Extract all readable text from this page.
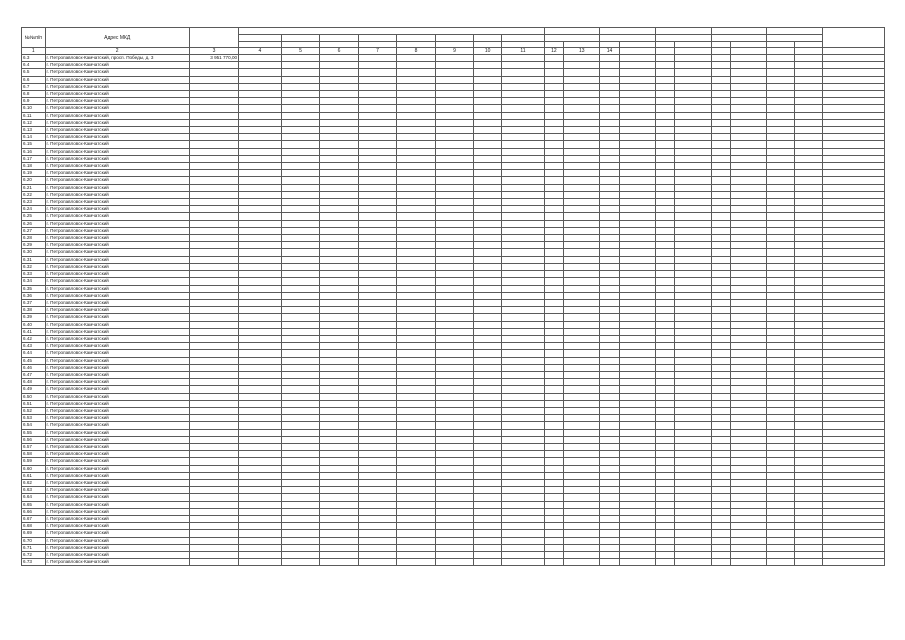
№№п/п	Адрес МКД																				

1	2	3	4	5	6	7	8	9	10	11	12	13	14								
6.3	г. Петропавловск-Камчатский, просп. Победы, д. 3	3 951 770,00																			
6.4	г. Петропавловск-Камчатский																				
6.5	г. Петропавловск-Камчатский																				
6.6	г. Петропавловск-Камчатский																				
6.7	г. Петропавловск-Камчатский																				
6.8	г. Петропавловск-Камчатский																				
6.9	г. Петропавловск-Камчатский																				
6.10	г. Петропавловск-Камчатский																				
6.11	г. Петропавловск-Камчатский																				
6.12	г. Петропавловск-Камчатский																				
6.13	г. Петропавловск-Камчатский																				
6.14	г. Петропавловск-Камчатский																				
6.15	г. Петропавловск-Камчатский																				
6.16	г. Петропавловск-Камчатский																				
6.17	г. Петропавловск-Камчатский																				
6.18	г. Петропавловск-Камчатский																				
6.19	г. Петропавловск-Камчатский																				
6.20	г. Петропавловск-Камчатский																				
6.21	г. Петропавловск-Камчатский																				
6.22	г. Петропавловск-Камчатский																				
6.23	г. Петропавловск-Камчатский																				
6.24	г. Петропавловск-Камчатский																				
6.25	г. Петропавловск-Камчатский																				
6.26	г. Петропавловск-Камчатский																				
6.27	г. Петропавловск-Камчатский																				
6.28	г. Петропавловск-Камчатский																				
6.29	г. Петропавловск-Камчатский																				
6.30	г. Петропавловск-Камчатский																				
6.31	г. Петропавловск-Камчатский																				
6.32	г. Петропавловск-Камчатский																				
6.33	г. Петропавловск-Камчатский																				
6.34	г. Петропавловск-Камчатский																				
6.35	г. Петропавловск-Камчатский																				
6.36	г. Петропавловск-Камчатский																				
6.37	г. Петропавловск-Камчатский																				
6.38	г. Петропавловск-Камчатский																				
6.39	г. Петропавловск-Камчатский																				
6.40	г. Петропавловск-Камчатский																				
6.41	г. Петропавловск-Камчатский																				
6.42	г. Петропавловск-Камчатский																				
6.43	г. Петропавловск-Камчатский																				
6.44	г. Петропавловск-Камчатский																				
6.45	г. Петропавловск-Камчатский																				
6.46	г. Петропавловск-Камчатский																				
6.47	г. Петропавловск-Камчатский																				
6.48	г. Петропавловск-Камчатский																				
6.49	г. Петропавловск-Камчатский																				
6.50	г. Петропавловск-Камчатский																				
6.51	г. Петропавловск-Камчатский																				
6.52	г. Петропавловск-Камчатский																				
6.53	г. Петропавловск-Камчатский																				
6.54	г. Петропавловск-Камчатский																				
6.55	г. Петропавловск-Камчатский																				
6.56	г. Петропавловск-Камчатский																				
6.57	г. Петропавловск-Камчатский																				
6.58	г. Петропавловск-Камчатский																				
6.59	г. Петропавловск-Камчатский																				
6.60	г. Петропавловск-Камчатский																				
6.61	г. Петропавловск-Камчатский																				
6.62	г. Петропавловск-Камчатский																				
6.63	г. Петропавловск-Камчатский																				
6.64	г. Петропавловск-Камчатский																				
6.65	г. Петропавловск-Камчатский																				
6.66	г. Петропавловск-Камчатский																				
6.67	г. Петропавловск-Камчатский																				
6.68	г. Петропавловск-Камчатский																				
6.69	г. Петропавловск-Камчатский																				
6.70	г. Петропавловск-Камчатский																				
6.71	г. Петропавловск-Камчатский																				
6.72	г. Петропавловск-Камчатский																				
6.73	г. Петропавловск-Камчатский																				
